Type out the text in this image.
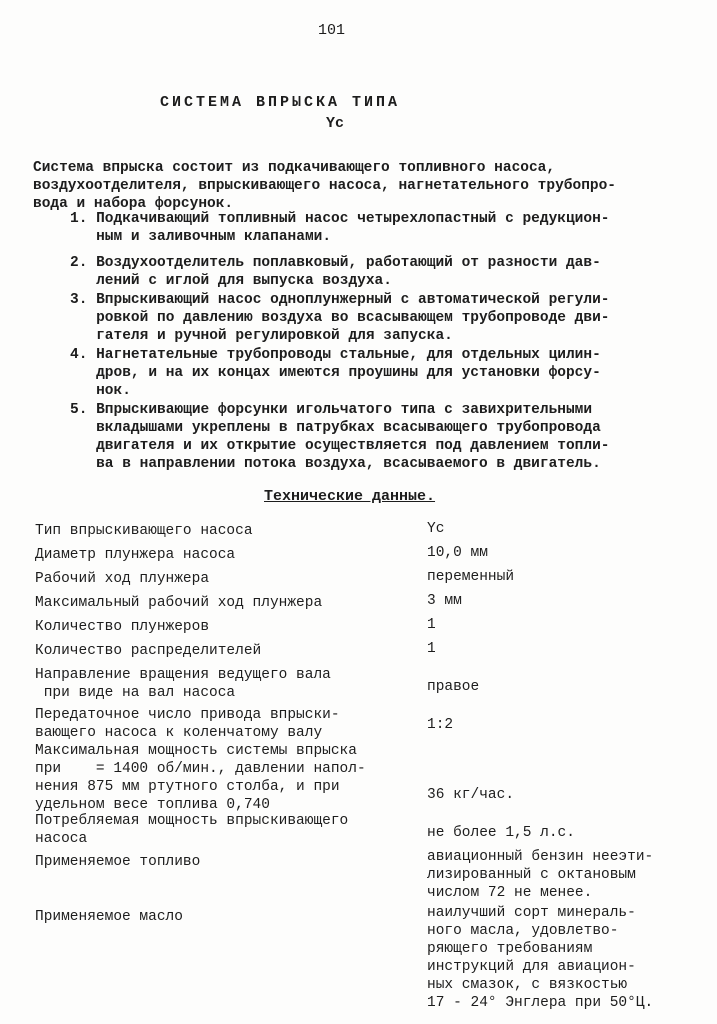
101

СИСТЕМА ВПРЫСКА ТИПА

Yc

Система впрыска состоит из подкачивающего топливного насоса,
воздухоотделителя, впрыскивающего насоса, нагнетательного трубопро-
вода и набора форсунок.

1. Подкачивающий топливный насос четырехлопастный с редукцион-
ным и заливочным клапанами.

2. Воздухоотделитель поплавковый, работающий от разности дав-
лений с иглой для выпуска воздуха.

3. Впрыскивающий насос одноплунжерный с автоматической регули-
ровкой по давлению воздуха во всасывающем трубопроводе дви-
гателя и ручной регулировкой для запуска.

4. Нагнетательные трубопроводы стальные, для отдельных цилин-
дров, и на их концах имеются проушины для установки форсу-
нок.

5. Впрыскивающие форсунки игольчатого типа с завихрительными
вкладышами укреплены в патрубках всасывающего трубопровода
двигателя и их открытие осуществляется под давлением топли-
ва в направлении потока воздуха, всасываемого в двигатель.

Технические данные.

Тип впрыскивающего насоса

Диаметр плунжера насоса

Рабочий ход плунжера

Максимальный рабочий ход плунжера

Количество плунжеров

Количество распределителей

Направление вращения ведущего вала
при виде на вал насоса

Передаточное число привода впрыски-
вающего насоса к коленчатому валу

Максимальная мощность системы впрыска
при    = 1400 об/мин., давлении напол-
нения 875 мм ртутного столба, и при
удельном весе топлива 0,740

Потребляемая мощность впрыскивающего
насоса

Применяемое топливо

Применяемое масло

Yc

10,0 мм

переменный

3 мм

1

1

правое

1:2

36 кг/час.

не более 1,5 л.с.

авиационный бензин нееэти-
лизированный с октановым
числом 72 не менее.

наилучший сорт минераль-
ного масла, удовлетво-
ряющего требованиям
инструкций для авиацион-
ных смазок, с вязкостью
17 - 24° Энглера при 50°Ц.
